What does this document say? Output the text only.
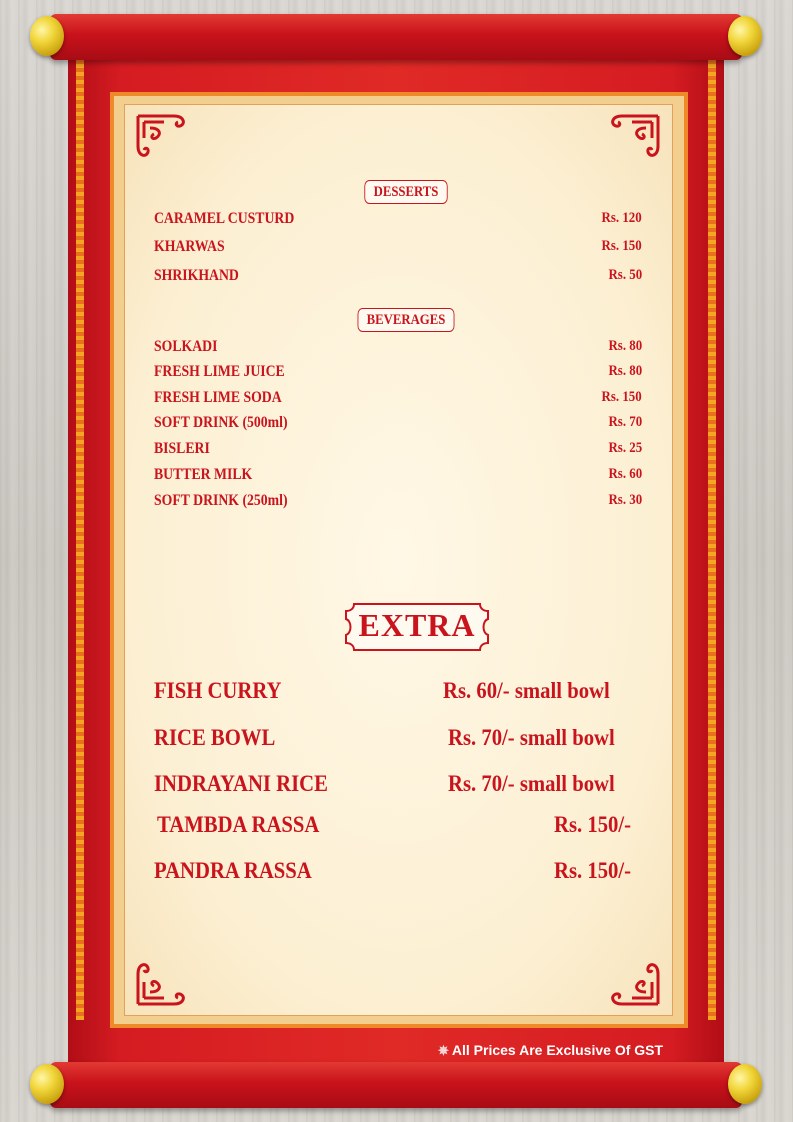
DESSERTS
CARAMEL CUSTURD	Rs. 120
KHARWAS	Rs. 150
SHRIKHAND	Rs. 50
BEVERAGES
SOLKADI	Rs. 80
FRESH LIME JUICE	Rs. 80
FRESH LIME SODA	Rs. 150
SOFT DRINK (500ml)	Rs. 70
BISLERI	Rs. 25
BUTTER MILK	Rs. 60
SOFT DRINK (250ml)	Rs. 30
EXTRA
FISH CURRY	Rs. 60/- small bowl
RICE BOWL	Rs. 70/- small bowl
INDRAYANI RICE	Rs. 70/- small bowl
TAMBDA RASSA	Rs. 150/-
PANDRA RASSA	Rs. 150/-
✵ All Prices Are Exclusive Of GST
